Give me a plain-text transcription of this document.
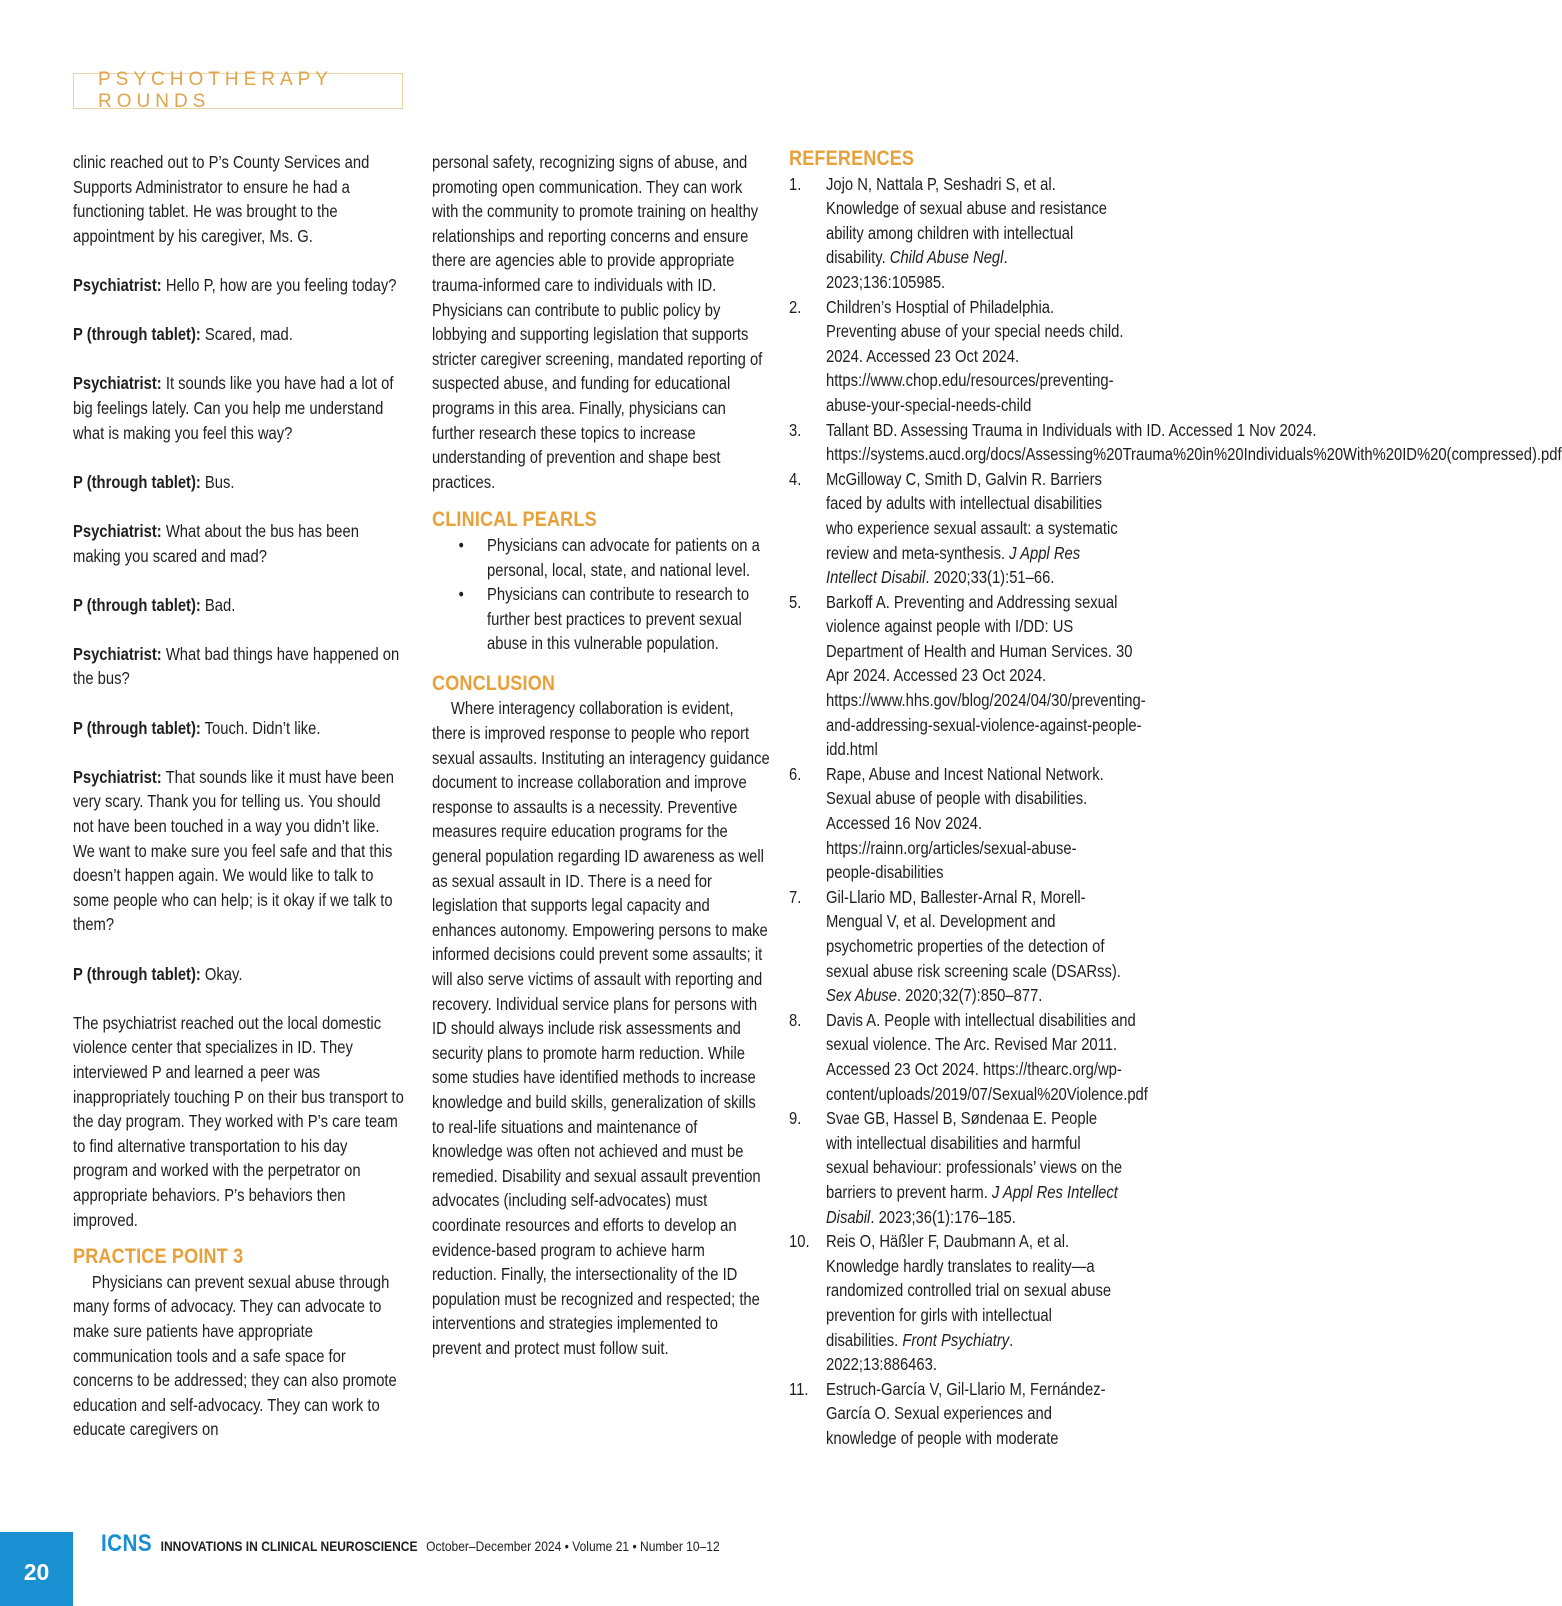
PSYCHOTHERAPY ROUNDS

clinic reached out to P’s County Services and Supports Administrator to ensure he had a functioning tablet. He was brought to the appointment by his caregiver, Ms. G.

Psychiatrist: Hello P, how are you feeling today?

P (through tablet): Scared, mad.

Psychiatrist: It sounds like you have had a lot of big feelings lately. Can you help me understand what is making you feel this way?

P (through tablet): Bus.

Psychiatrist: What about the bus has been making you scared and mad?

P (through tablet): Bad.

Psychiatrist: What bad things have happened on the bus?

P (through tablet): Touch. Didn’t like.

Psychiatrist: That sounds like it must have been very scary. Thank you for telling us. You should not have been touched in a way you didn’t like. We want to make sure you feel safe and that this doesn’t happen again. We would like to talk to some people who can help; is it okay if we talk to them?

P (through tablet): Okay.

The psychiatrist reached out the local domestic violence center that specializes in ID. They interviewed P and learned a peer was inappropriately touching P on their bus transport to the day program. They worked with P’s care team to find alternative transportation to his day program and worked with the perpetrator on appropriate behaviors. P’s behaviors then improved.

PRACTICE POINT 3

Physicians can prevent sexual abuse through many forms of advocacy. They can advocate to make sure patients have appropriate communication tools and a safe space for concerns to be addressed; they can also promote education and self-advocacy. They can work to educate caregivers on

personal safety, recognizing signs of abuse, and promoting open communication. They can work with the community to promote training on healthy relationships and reporting concerns and ensure there are agencies able to provide appropriate trauma-informed care to individuals with ID. Physicians can contribute to public policy by lobbying and supporting legislation that supports stricter caregiver screening, mandated reporting of suspected abuse, and funding for educational programs in this area. Finally, physicians can further research these topics to increase understanding of prevention and shape best practices.

CLINICAL PEARLS
•	Physicians can advocate for patients on a personal, local, state, and national level.
•	Physicians can contribute to research to further best practices to prevent sexual abuse in this vulnerable population.
CONCLUSION

Where interagency collaboration is evident, there is improved response to people who report sexual assaults. Instituting an interagency guidance document to increase collaboration and improve response to assaults is a necessity. Preventive measures require education programs for the general population regarding ID awareness as well as sexual assault in ID. There is a need for legislation that supports legal capacity and enhances autonomy. Empowering persons to make informed decisions could prevent some assaults; it will also serve victims of assault with reporting and recovery. Individual service plans for persons with ID should always include risk assessments and security plans to promote harm reduction. While some studies have identified methods to increase knowledge and build skills, generalization of skills to real-life situations and maintenance of knowledge was often not achieved and must be remedied. Disability and sexual assault prevention advocates (including self-advocates) must coordinate resources and efforts to develop an evidence-based program to achieve harm reduction. Finally, the intersectionality of the ID population must be recognized and respected; the interventions and strategies implemented to prevent and protect must follow suit.

REFERENCES
1.	Jojo N, Nattala P, Seshadri S, et al. Knowledge of sexual abuse and resistance ability among children with intellectual disability. Child Abuse Negl. 2023;136:105985.
2.	Children’s Hosptial of Philadelphia. Preventing abuse of your special needs child. 2024. Accessed 23 Oct 2024. https://www.chop.edu/resources/preventing-abuse-your-special-needs-child
3.	Tallant BD. Assessing Trauma in Individuals with ID. Accessed 1 Nov 2024. https://systems.aucd.org/docs/Assessing%20Trauma%20in%20Individuals%20With%20ID%20(compressed).pdf
4.	McGilloway C, Smith D, Galvin R. Barriers faced by adults with intellectual disabilities who experience sexual assault: a systematic review and meta-synthesis. J Appl Res Intellect Disabil. 2020;33(1):51–66.
5.	Barkoff A. Preventing and Addressing sexual violence against people with I/DD: US Department of Health and Human Services. 30 Apr 2024. Accessed 23 Oct 2024. https://www.hhs.gov/blog/2024/04/30/preventing-and-addressing-sexual-violence-against-people-idd.html
6.	Rape, Abuse and Incest National Network. Sexual abuse of people with disabilities. Accessed 16 Nov 2024. https://rainn.org/articles/sexual-abuse-people-disabilities
7.	Gil-Llario MD, Ballester-Arnal R, Morell-Mengual V, et al. Development and psychometric properties of the detection of sexual abuse risk screening scale (DSARss). Sex Abuse. 2020;32(7):850–877.
8.	Davis A. People with intellectual disabilities and sexual violence. The Arc. Revised Mar 2011. Accessed 23 Oct 2024. https://thearc.org/wp-content/uploads/2019/07/Sexual%20Violence.pdf
9.	Svae GB, Hassel B, Søndenaa E. People with intellectual disabilities and harmful sexual behaviour: professionals’ views on the barriers to prevent harm. J Appl Res Intellect Disabil. 2023;36(1):176–185.
10. Reis O, Häßler F, Daubmann A, et al. Knowledge hardly translates to reality—a randomized controlled trial on sexual abuse prevention for girls with intellectual disabilities. Front Psychiatry. 2022;13:886463.
11.	Estruch-García V, Gil-Llario M, Fernández-García O. Sexual experiences and knowledge of people with moderate
20
ICNS INNOVATIONS IN CLINICAL NEUROSCIENCE October–December 2024 • Volume 21 • Number 10–12
